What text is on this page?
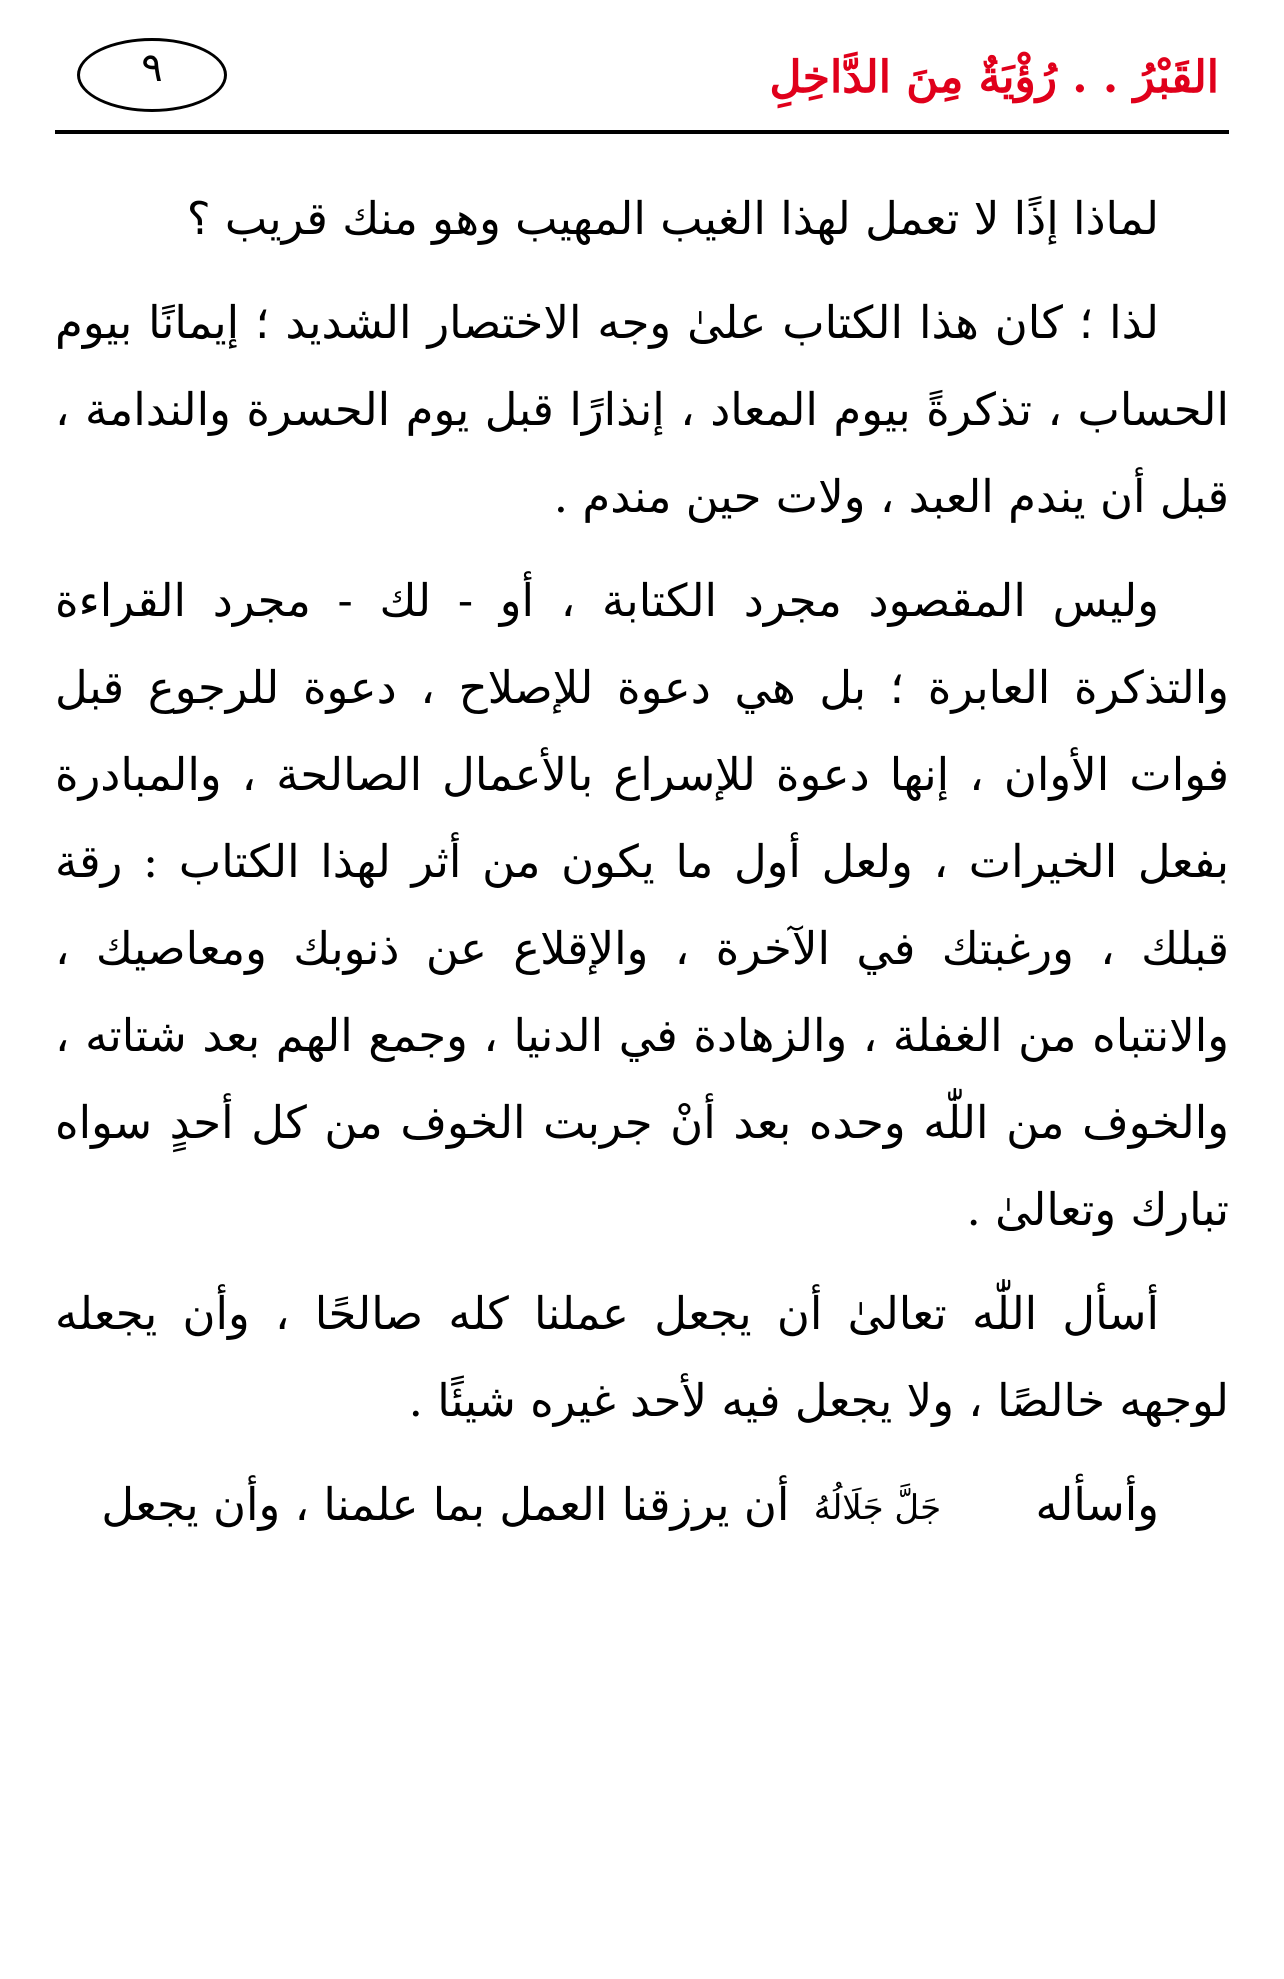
القَبْرُ . . رُؤْيَةٌ مِنَ الدَّاخِلِ
٩

لماذا إذًا لا تعمل لهذا الغيب المهيب وهو منك قريب ؟

لذا ؛ كان هذا الكتاب علىٰ وجه الاختصار الشديد ؛ إيمانًا بيوم الحساب ، تذكرةً بيوم المعاد ، إنذارًا قبل يوم الحسرة والندامة ، قبل أن يندم العبد ، ولات حين مندم .

وليس المقصود مجرد الكتابة ، أو - لك - مجرد القراءة والتذكرة العابرة ؛ بل هي دعوة للإصلاح ، دعوة للرجوع قبل فوات الأوان ، إنها دعوة للإسراع بالأعمال الصالحة ، والمبادرة بفعل الخيرات ، ولعل أول ما يكون من أثر لهذا الكتاب : رقة قبلك ، ورغبتك في الآخرة ، والإقلاع عن ذنوبك ومعاصيك ، والانتباه من الغفلة ، والزهادة في الدنيا ، وجمع الهم بعد شتاته ، والخوف من اللّٰه وحده بعد أنْ جربت الخوف من كل أحدٍ سواه تبارك وتعالىٰ .

أسأل اللّٰه تعالىٰ أن يجعل عملنا كله صالحًا ، وأن يجعله لوجهه خالصًا ، ولا يجعل فيه لأحد غيره شيئًا .

وأسأله جَلَّ جَلَالُهُ أن يرزقنا العمل بما علمنا ، وأن يجعل
